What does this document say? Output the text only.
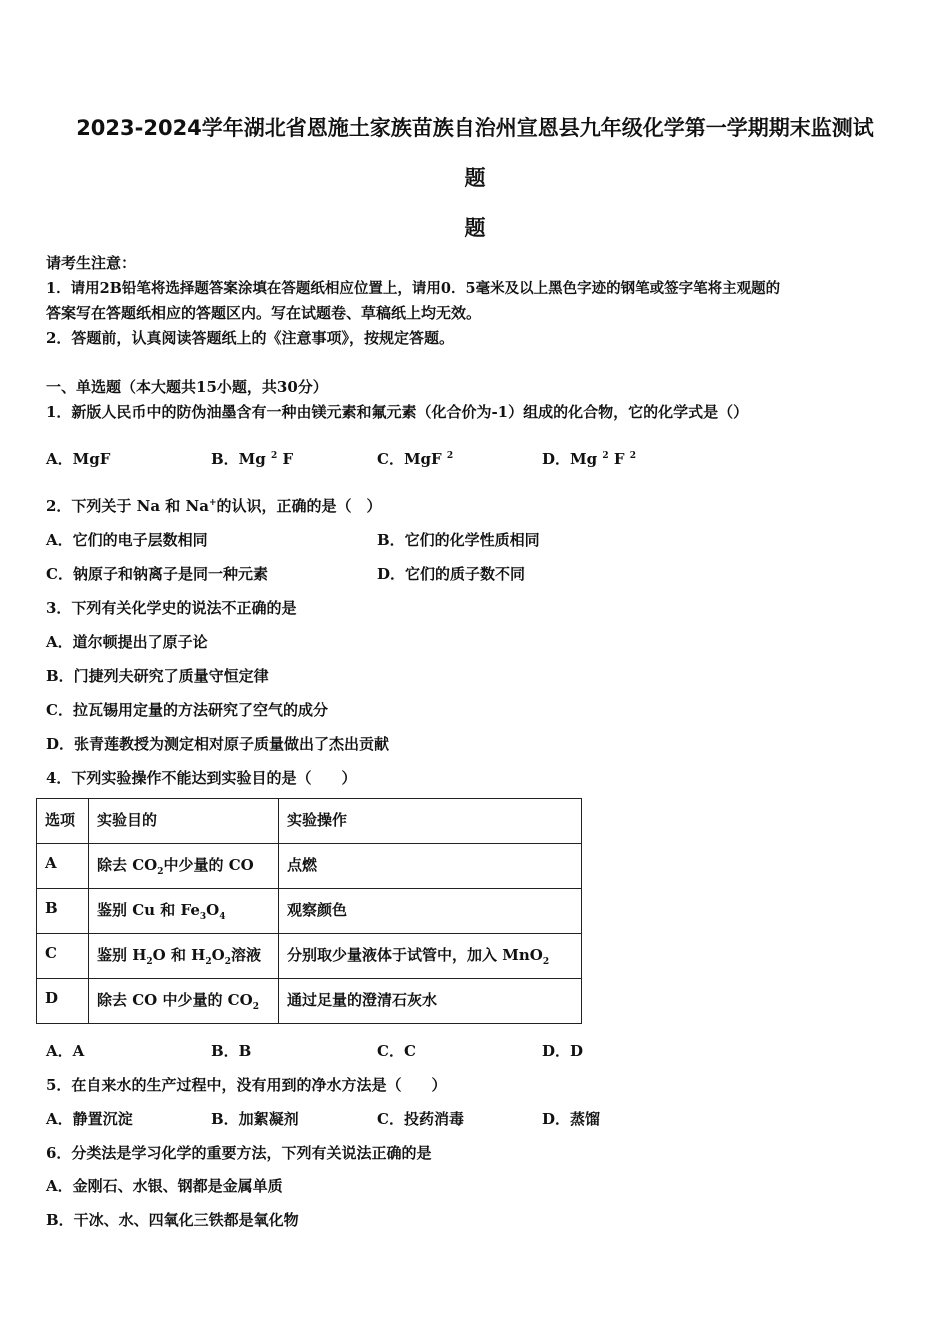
2023-2024学年湖北省恩施土家族苗族自治州宣恩县九年级化学第一学期期末监测试
题
题
请考生注意：
1．请用2B铅笔将选择题答案涂填在答题纸相应位置上，请用0．5毫米及以上黑色字迹的钢笔或签字笔将主观题的
答案写在答题纸相应的答题区内。写在试题卷、草稿纸上均无效。
2．答题前，认真阅读答题纸上的《注意事项》，按规定答题。
一、单选题（本大题共15小题，共30分）
1．新版人民币中的防伪油墨含有一种由镁元素和氟元素（化合价为-1）组成的化合物，它的化学式是（）
A．MgF	B．Mg $^2$ F	C．MgF $^2$	D．Mg $^2$ F $^2$
2．下列关于 Na 和 Na+的认识，正确的是（　）
A．它们的电子层数相同	B．它们的化学性质相同
C．钠原子和钠离子是同一种元素	D．它们的质子数不同
3．下列有关化学史的说法不正确的是
A．道尔顿提出了原子论
B．门捷列夫研究了质量守恒定律
C．拉瓦锡用定量的方法研究了空气的成分
D．张青莲教授为测定相对原子质量做出了杰出贡献
4．下列实验操作不能达到实验目的是（　　）
选项	实验目的	实验操作
A	除去 $CO_2$中少量的 CO	点燃
B	鉴别 Cu 和 $Fe_3O_4$	观察颜色
C	鉴别 $H_2O$ 和 $H_2O_2$溶液	分别取少量液体于试管中，加入 MnO$_2$
D	除去 CO 中少量的 $CO_2$	通过足量的澄清石灰水
A．A	B．B	C．C	D．D
5．在自来水的生产过程中，没有用到的净水方法是（　　）
A．静置沉淀	B．加絮凝剂	C．投药消毒	D．蒸馏
6．分类法是学习化学的重要方法，下列有关说法正确的是
A．金刚石、水银、钢都是金属单质
B．干冰、水、四氧化三铁都是氧化物
